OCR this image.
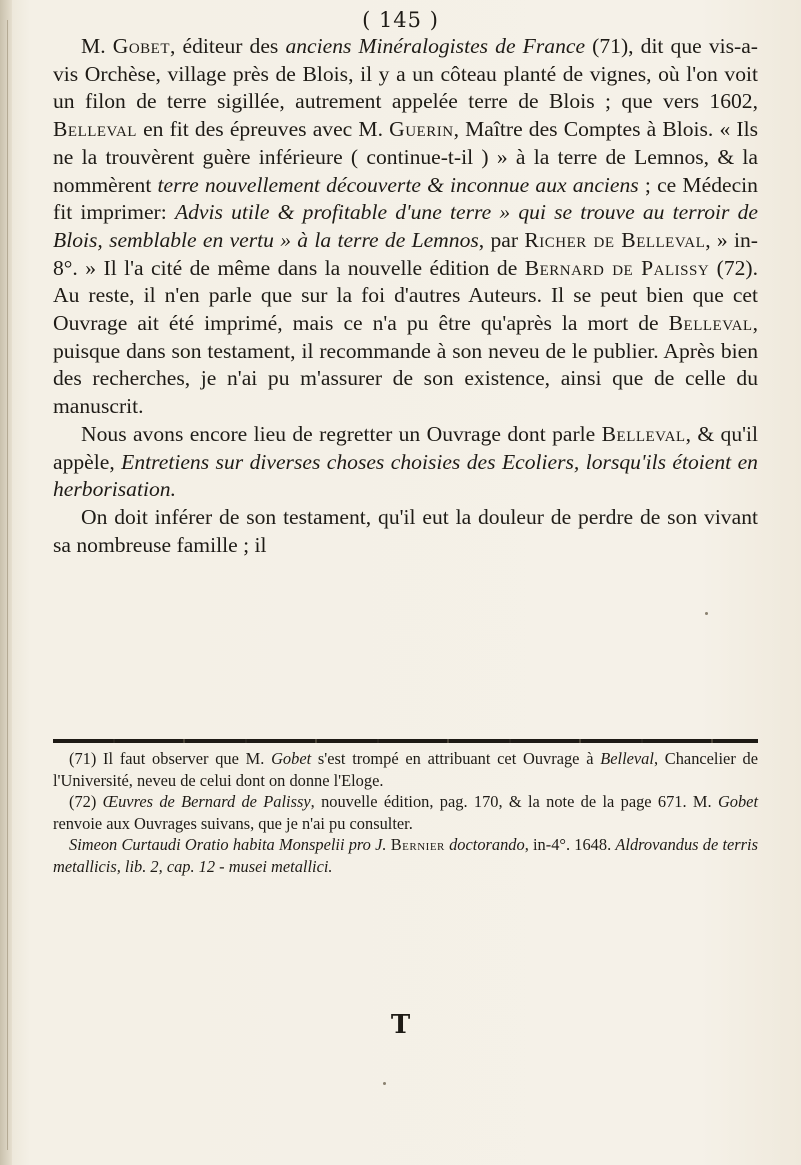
( 145 )

M. Gobet, éditeur des anciens Minéralogistes de France (71), dit que vis-a-vis Orchèse, village près de Blois, il y a un côteau planté de vignes, où l'on voit un filon de terre sigillée, autrement appelée terre de Blois ; que vers 1602, Belleval en fit des épreuves avec M. Guerin, Maître des Comptes à Blois. « Ils ne la trouvèrent guère inférieure ( continue-t-il ) » à la terre de Lemnos, & la nommèrent terre nouvellement découverte & inconnue aux anciens ; ce Médecin fit imprimer: Advis utile & profitable d'une terre » qui se trouve au terroir de Blois, semblable en vertu » à la terre de Lemnos, par Richer de Belleval, » in-8°. » Il l'a cité de même dans la nouvelle édition de Bernard de Palissy (72). Au reste, il n'en parle que sur la foi d'autres Auteurs. Il se peut bien que cet Ouvrage ait été imprimé, mais ce n'a pu être qu'après la mort de Belleval, puisque dans son testament, il recommande à son neveu de le publier. Après bien des recherches, je n'ai pu m'assurer de son existence, ainsi que de celle du manuscrit.

Nous avons encore lieu de regretter un Ouvrage dont parle Belleval, & qu'il appèle, Entretiens sur diverses choses choisies des Ecoliers, lorsqu'ils étoient en herborisation.

On doit inférer de son testament, qu'il eut la douleur de perdre de son vivant sa nombreuse famille ; il

(71) Il faut observer que M. Gobet s'est trompé en attribuant cet Ouvrage à Belleval, Chancelier de l'Université, neveu de celui dont on donne l'Eloge.

(72) Œuvres de Bernard de Palissy, nouvelle édition, pag. 170, & la note de la page 671. M. Gobet renvoie aux Ouvrages suivans, que je n'ai pu consulter.

Simeon Curtaudi Oratio habita Monspelii pro J. Bernier doctorando, in-4°. 1648. Aldrovandus de terris metallicis, lib. 2, cap. 12 - musei metallici.

T
